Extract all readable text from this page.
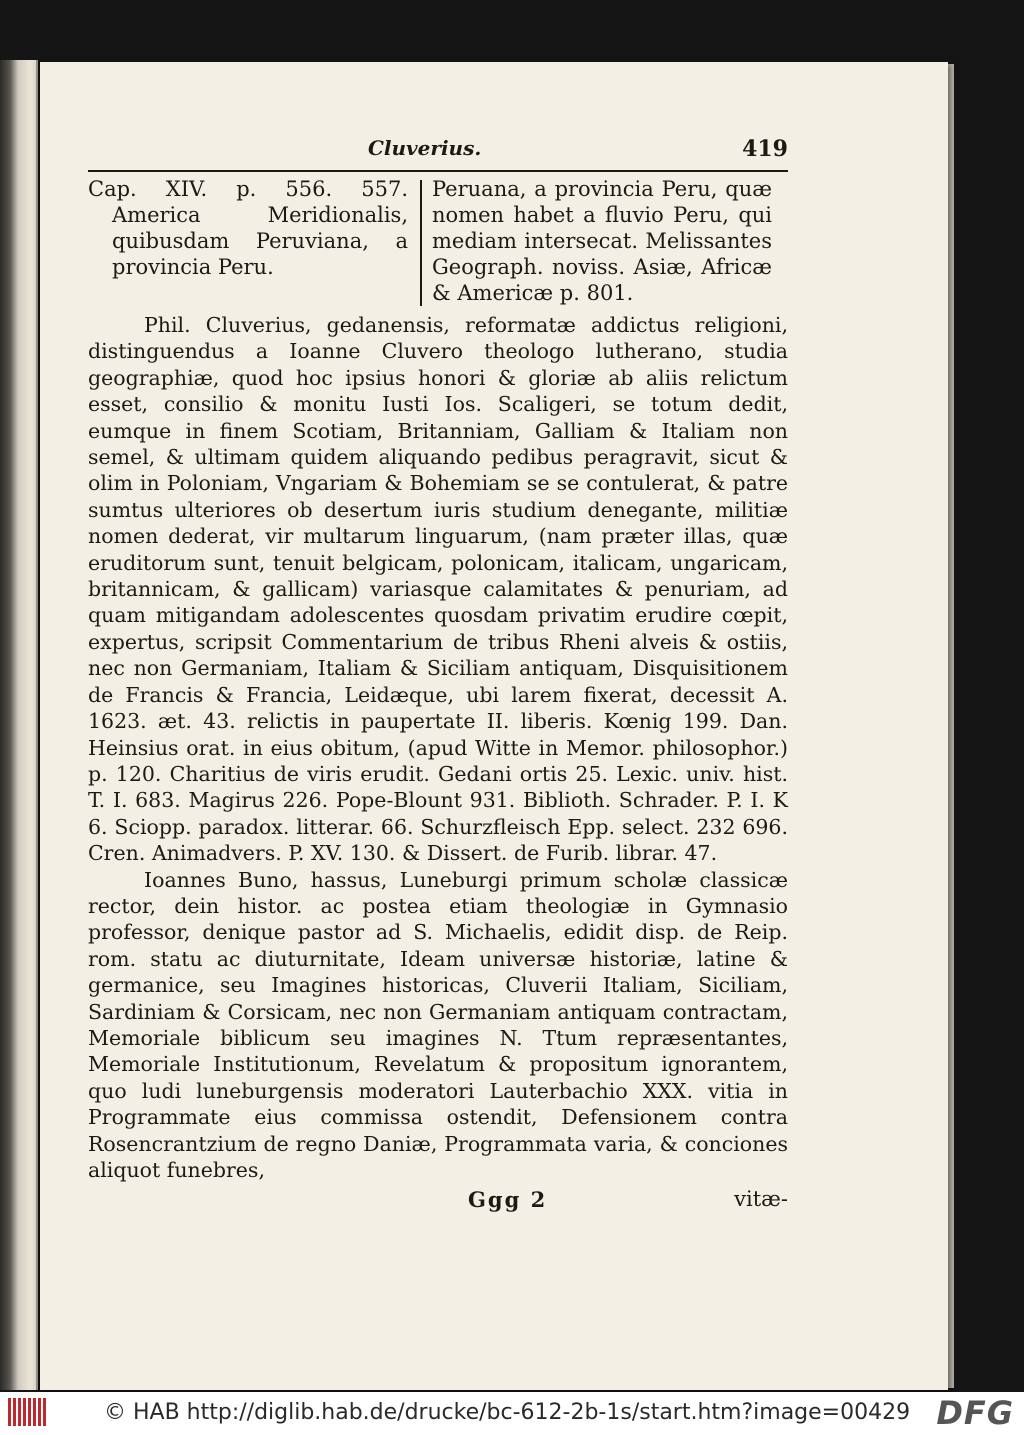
Cluverius.	419

Cap. XIV. p. 556. 557. America Meridionalis, quibusdam Peruviana, a provincia Peru.

Peruana, a provincia Peru, quæ nomen habet a fluvio Peru, qui mediam intersecat. Melissantes Geograph. noviss. Asiæ, Africæ & Americæ p. 801.

Phil. Cluverius, gedanensis, reformatæ addictus religioni, distinguendus a Ioanne Cluvero theologo lutherano, studia geographiæ, quod hoc ipsius honori & gloriæ ab aliis relictum esset, consilio & monitu Iusti Ios. Scaligeri, se totum dedit, eumque in finem Scotiam, Britanniam, Galliam & Italiam non semel, & ultimam quidem aliquando pedibus peragravit, sicut & olim in Poloniam, Vngariam & Bohemiam se se contulerat, & patre sumtus ulteriores ob desertum iuris studium denegante, militiæ nomen dederat, vir multarum linguarum, (nam præter illas, quæ eruditorum sunt, tenuit belgicam, polonicam, italicam, ungaricam, britannicam, & gallicam) variasque calamitates & penuriam, ad quam mitigandam adolescentes quosdam privatim erudire cœpit, expertus, scripsit Commentarium de tribus Rheni alveis & ostiis, nec non Germaniam, Italiam & Siciliam antiquam, Disquisitionem de Francis & Francia, Leidæque, ubi larem fixerat, decessit A. 1623. æt. 43. relictis in paupertate II. liberis. Kœnig 199. Dan. Heinsius orat. in eius obitum, (apud Witte in Memor. philosophor.) p. 120. Charitius de viris erudit. Gedani ortis 25. Lexic. univ. hist. T. I. 683. Magirus 226. Pope-Blount 931. Biblioth. Schrader. P. I. K 6. Sciopp. paradox. litterar. 66. Schurzfleisch Epp. select. 232 696. Cren. Animadvers. P. XV. 130. & Dissert. de Furib. librar. 47.

Ioannes Buno, hassus, Luneburgi primum scholæ classicæ rector, dein histor. ac postea etiam theologiæ in Gymnasio professor, denique pastor ad S. Michaelis, edidit disp. de Reip. rom. statu ac diuturnitate, Ideam universæ historiæ, latine & germanice, seu Imagines historicas, Cluverii Italiam, Siciliam, Sardiniam & Corsicam, nec non Germaniam antiquam contractam, Memoriale biblicum seu imagines N. Ttum repræsentantes, Memoriale Institutionum, Revelatum & propositum ignorantem, quo ludi luneburgensis moderatori Lauterbachio XXX. vitia in Programmate eius commissa ostendit, Defensionem contra Rosencrantzium de regno Daniæ, Programmata varia, & conciones aliquot funebres,

Ggg 2	vitæ-
© HAB http://diglib.hab.de/drucke/bc-612-2b-1s/start.htm?image=00429 DFG
